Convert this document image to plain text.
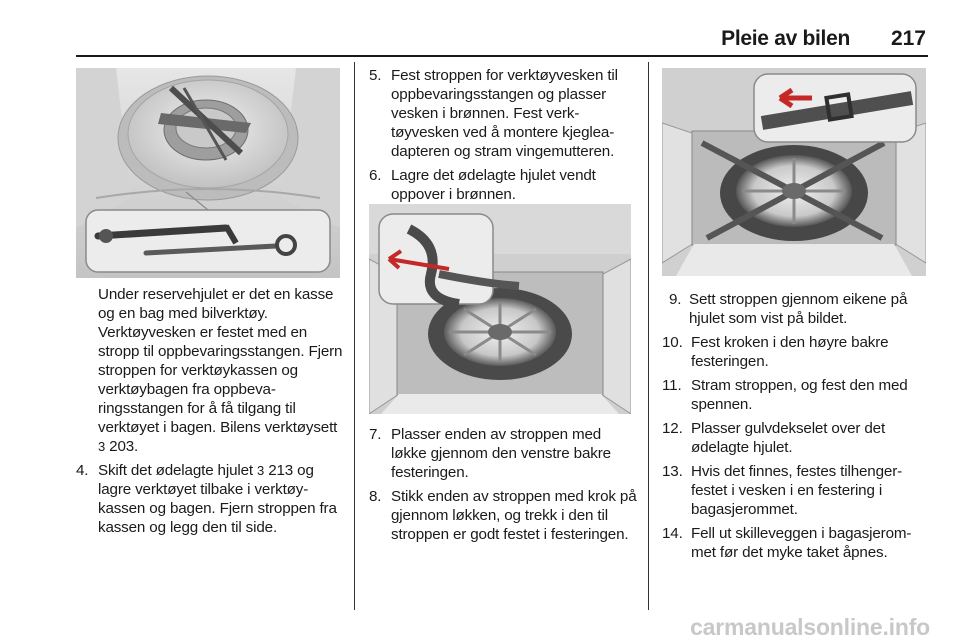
Pleie av bilen	217

Under reservehjulet er det en kasse og en bag med bilverktøy. Verktøyvesken er festet med en stropp til oppbevaringsstangen. Fjern stroppen for verktøykassen og verktøybagen fra oppbevaringsstangen for å få tilgang til verktøyet i bagen. Bilens verktøysett 3 203.

4. Skift det ødelagte hjulet 3 213 og lagre verktøyet tilbake i verktøykassen og bagen. Fjern stroppen fra kassen og legg den til side.
5. Fest stroppen for verktøyvesken til oppbevaringsstangen og plasser vesken i brønnen. Fest verktøyvesken ved å montere kjegleadapteren og stram vingemutteren.
6. Lagre det ødelagte hjulet vendt oppover i brønnen.
7. Plasser enden av stroppen med løkke gjennom den venstre bakre festeringen.
8. Stikk enden av stroppen med krok på gjennom løkken, og trekk i den til stroppen er godt festet i festeringen.
9. Sett stroppen gjennom eikene på hjulet som vist på bildet.
10. Fest kroken i den høyre bakre festeringen.
11. Stram stroppen, og fest den med spennen.
12. Plasser gulvdekselet over det ødelagte hjulet.
13. Hvis det finnes, festes tilhengerfestet i vesken i en festering i bagasjerommet.
14. Fell ut skilleveggen i bagasjerommet før det myke taket åpnes.
carmanualsonline.info
